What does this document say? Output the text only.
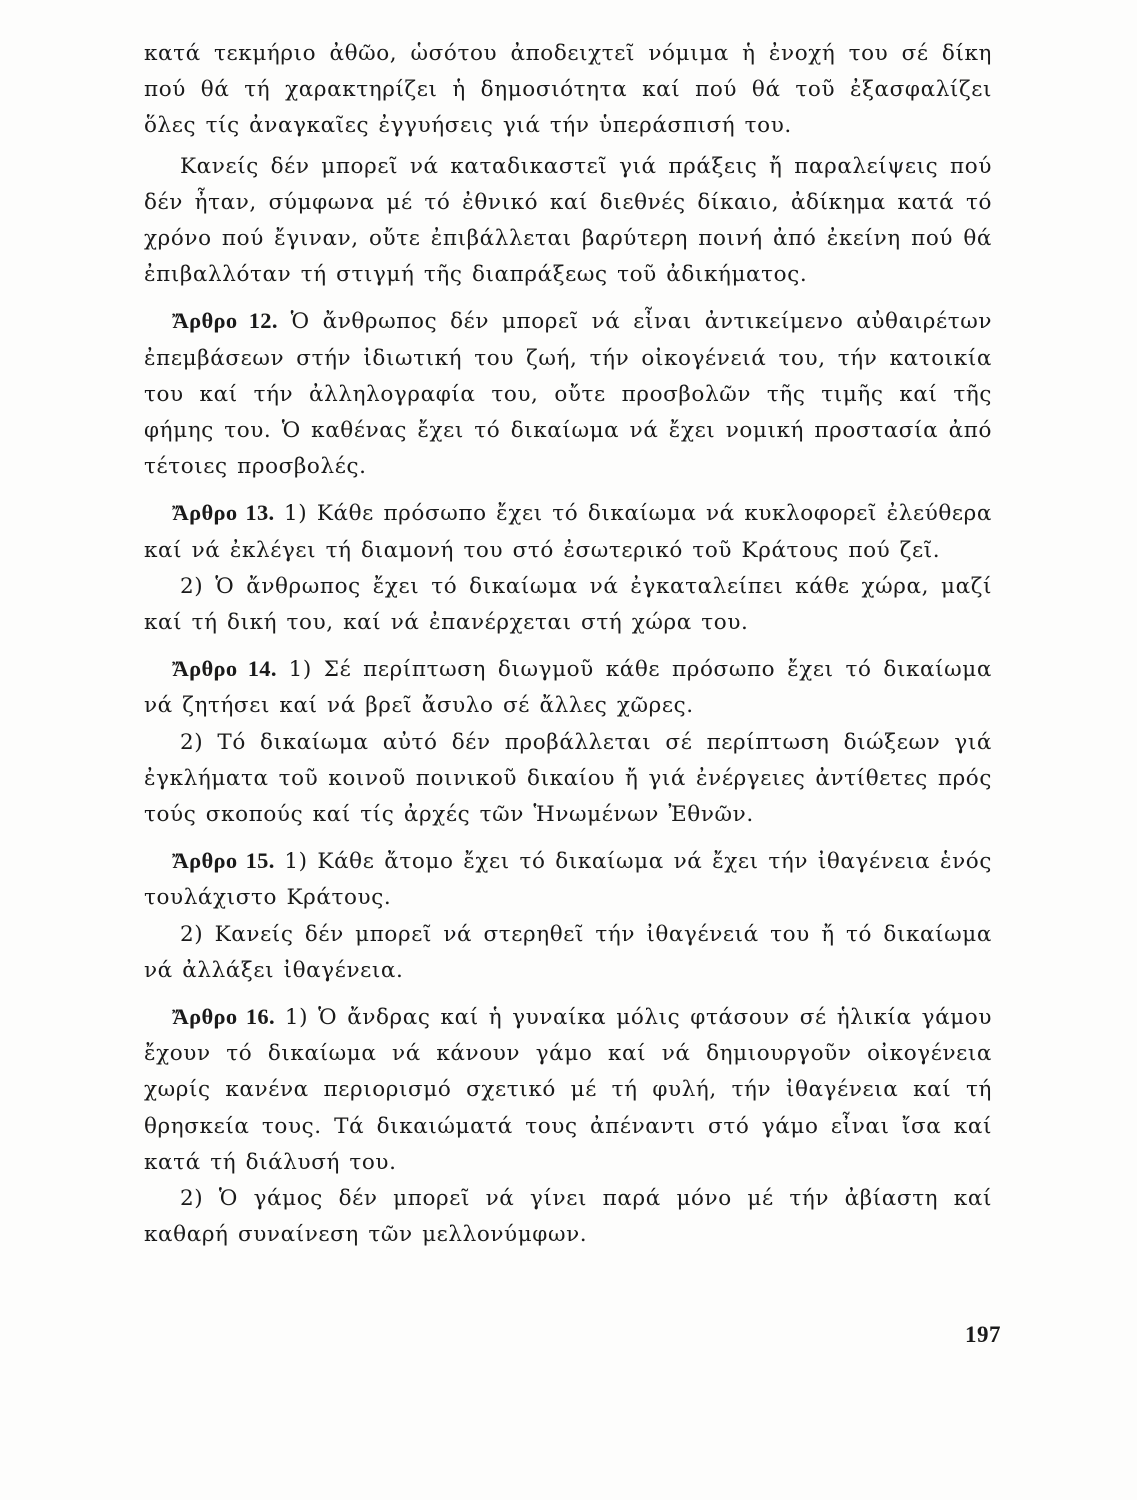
κατά τεκμήριο ἀθῶο, ὡσότου ἀποδειχτεῖ νόμιμα ἡ ἐνοχή του σέ δίκη πού θά τή χαρακτηρίζει ἡ δημοσιότητα καί πού θά τοῦ ἐξασφαλίζει ὅλες τίς ἀναγκαῖες ἐγγυήσεις γιά τήν ὑπεράσπισή του.

Κανείς δέν μπορεῖ νά καταδικαστεῖ γιά πράξεις ἤ παραλείψεις πού δέν ἦταν, σύμφωνα μέ τό ἐθνικό καί διεθνές δίκαιο, ἀδίκημα κατά τό χρόνο πού ἔγιναν, οὔτε ἐπιβάλλεται βαρύτερη ποινή ἀπό ἐκείνη πού θά ἐπιβαλλόταν τή στιγμή τῆς διαπράξεως τοῦ ἀδικήματος.

Ἄρθρο 12. Ὁ ἄνθρωπος δέν μπορεῖ νά εἶναι ἀντικείμενο αὐθαιρέτων ἐπεμβάσεων στήν ἰδιωτική του ζωή, τήν οἰκογένειά του, τήν κατοικία του καί τήν ἀλληλογραφία του, οὔτε προσβολῶν τῆς τιμῆς καί τῆς φήμης του. Ὁ καθένας ἔχει τό δικαίωμα νά ἔχει νομική προστασία ἀπό τέτοιες προσβολές.

Ἄρθρο 13. 1) Κάθε πρόσωπο ἔχει τό δικαίωμα νά κυκλοφορεῖ ἐλεύθερα καί νά ἐκλέγει τή διαμονή του στό ἐσωτερικό τοῦ Κράτους πού ζεῖ.

2) Ὁ ἄνθρωπος ἔχει τό δικαίωμα νά ἐγκαταλείπει κάθε χώρα, μαζί καί τή δική του, καί νά ἐπανέρχεται στή χώρα του.

Ἄρθρο 14. 1) Σέ περίπτωση διωγμοῦ κάθε πρόσωπο ἔχει τό δικαίωμα νά ζητήσει καί νά βρεῖ ἄσυλο σέ ἄλλες χῶρες.

2) Τό δικαίωμα αὐτό δέν προβάλλεται σέ περίπτωση διώξεων γιά ἐγκλήματα τοῦ κοινοῦ ποινικοῦ δικαίου ἤ γιά ἐνέργειες ἀντίθετες πρός τούς σκοπούς καί τίς ἀρχές τῶν Ἡνωμένων Ἐθνῶν.

Ἄρθρο 15. 1) Κάθε ἄτομο ἔχει τό δικαίωμα νά ἔχει τήν ἰθαγένεια ἑνός τουλάχιστο Κράτους.

2) Κανείς δέν μπορεῖ νά στερηθεῖ τήν ἰθαγένειά του ἤ τό δικαίωμα νά ἀλλάξει ἰθαγένεια.

Ἄρθρο 16. 1) Ὁ ἄνδρας καί ἡ γυναίκα μόλις φτάσουν σέ ἡλικία γάμου ἔχουν τό δικαίωμα νά κάνουν γάμο καί νά δημιουργοῦν οἰκογένεια χωρίς κανένα περιορισμό σχετικό μέ τή φυλή, τήν ἰθαγένεια καί τή θρησκεία τους. Τά δικαιώματά τους ἀπέναντι στό γάμο εἶναι ἴσα καί κατά τή διάλυσή του.

2) Ὁ γάμος δέν μπορεῖ νά γίνει παρά μόνο μέ τήν ἀβίαστη καί καθαρή συναίνεση τῶν μελλονύμφων.

197
